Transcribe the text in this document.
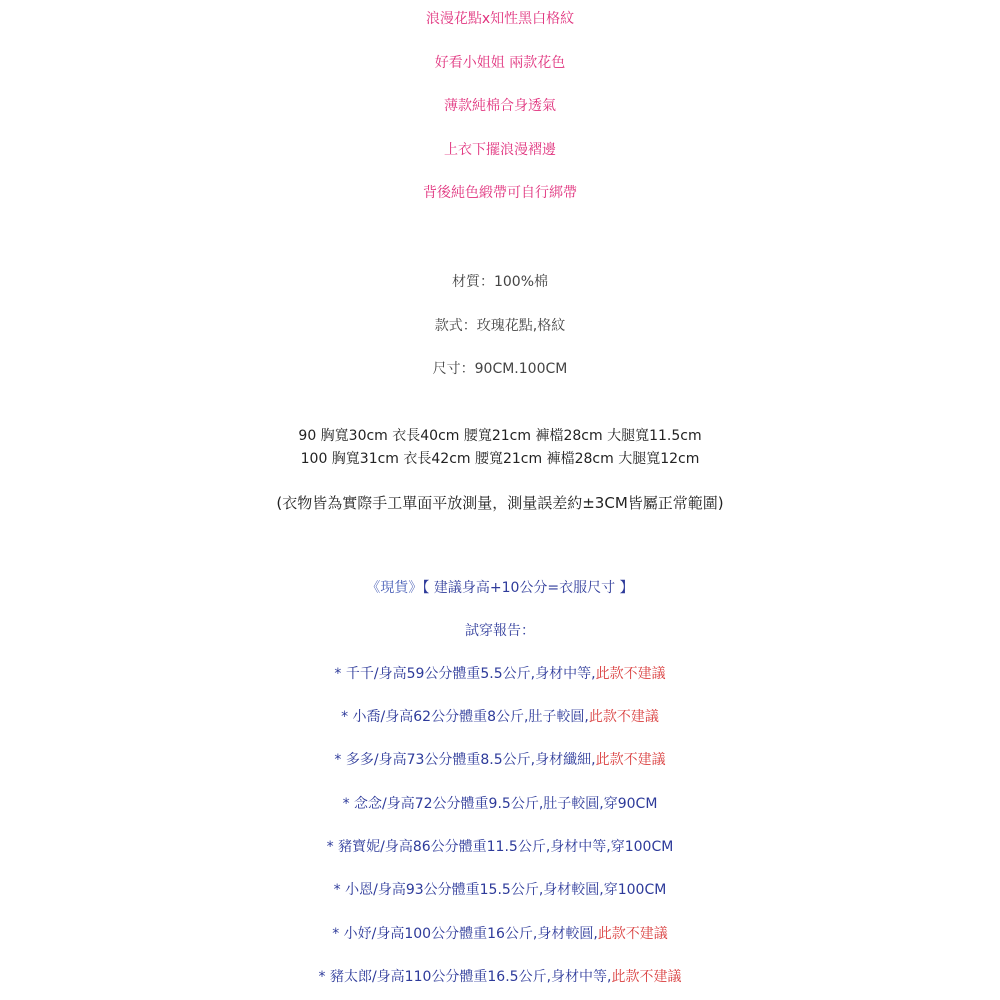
浪漫花點x知性黑白格紋
好看小姐姐 兩款花色
薄款純棉合身透氣
上衣下擺浪漫褶邊
背後純色緞帶可自行綁帶
材質：100%棉
款式：玫瑰花點,格紋
尺寸：90CM.100CM
90 胸寬30cm 衣長40cm 腰寬21cm 褲檔28cm 大腿寬11.5cm
100 胸寬31cm 衣長42cm 腰寬21cm 褲檔28cm 大腿寬12cm
(衣物皆為實際手工單面平放測量，測量誤差約±3CM皆屬正常範圍)
《現貨》【 建議身高+10公分=衣服尺寸 】
試穿報告：
* 千千/身高59公分體重5.5公斤,身材中等,此款不建議
* 小喬/身高62公分體重8公斤,肚子較圓,此款不建議
* 多多/身高73公分體重8.5公斤,身材纖細,此款不建議
* 念念/身高72公分體重9.5公斤,肚子較圓,穿90CM
* 豬寶妮/身高86公分體重11.5公斤,身材中等,穿100CM
* 小恩/身高93公分體重15.5公斤,身材較圓,穿100CM
* 小妤/身高100公分體重16公斤,身材較圓,此款不建議
* 豬太郎/身高110公分體重16.5公斤,身材中等,此款不建議
